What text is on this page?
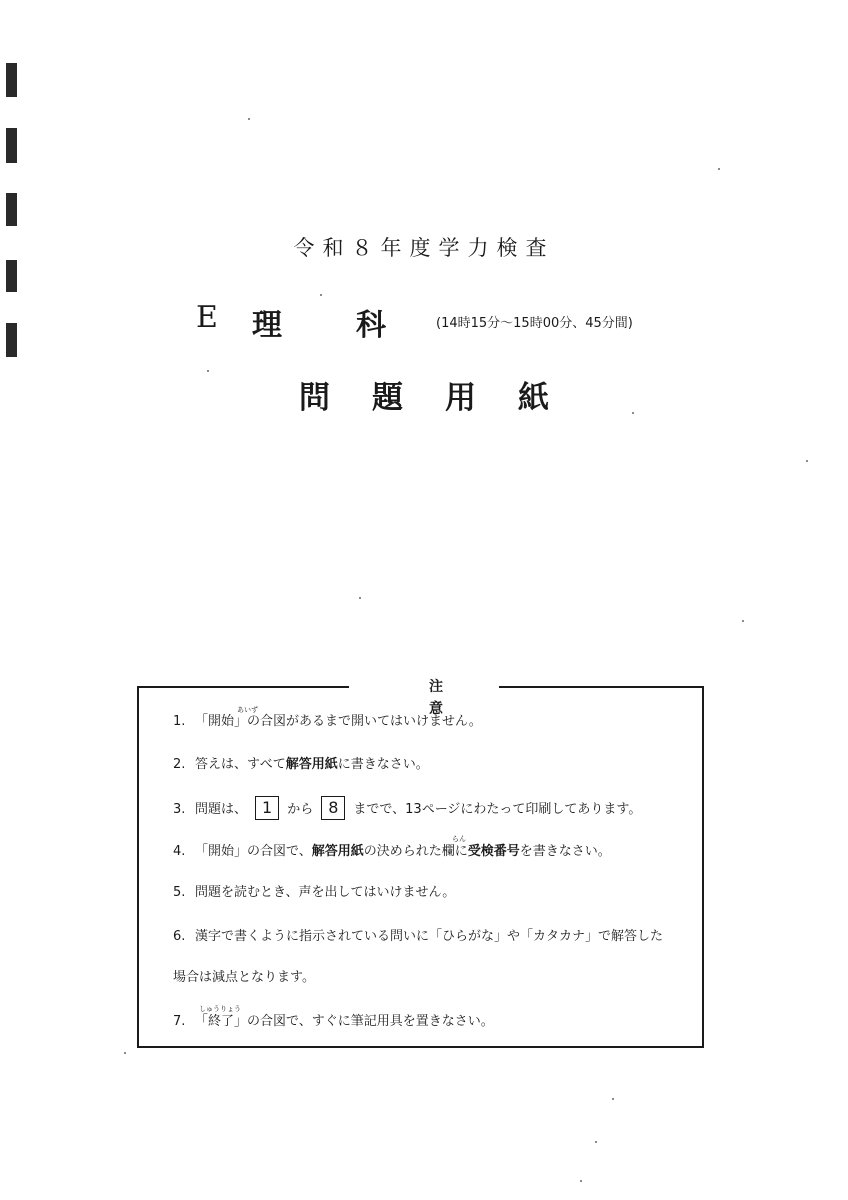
令和８年度学力検査
E 理 科	(14時15分～15時00分、45分間)
問題用紙
注意
あいず
1. 「開始」の合図があるまで開いてはいけません。
2. 答えは、すべて解答用紙に書きなさい。
3. 問題は、 1 から 8 までで、13ページにわたって印刷してあります。
らん
4. 「開始」の合図で、解答用紙の決められた欄に受検番号を書きなさい。
5. 問題を読むとき、声を出してはいけません。
6. 漢字で書くように指示されている問いに「ひらがな」や「カタカナ」で解答した
場合は減点となります。
しゅうりょう
7. 「終了」の合図で、すぐに筆記用具を置きなさい。
